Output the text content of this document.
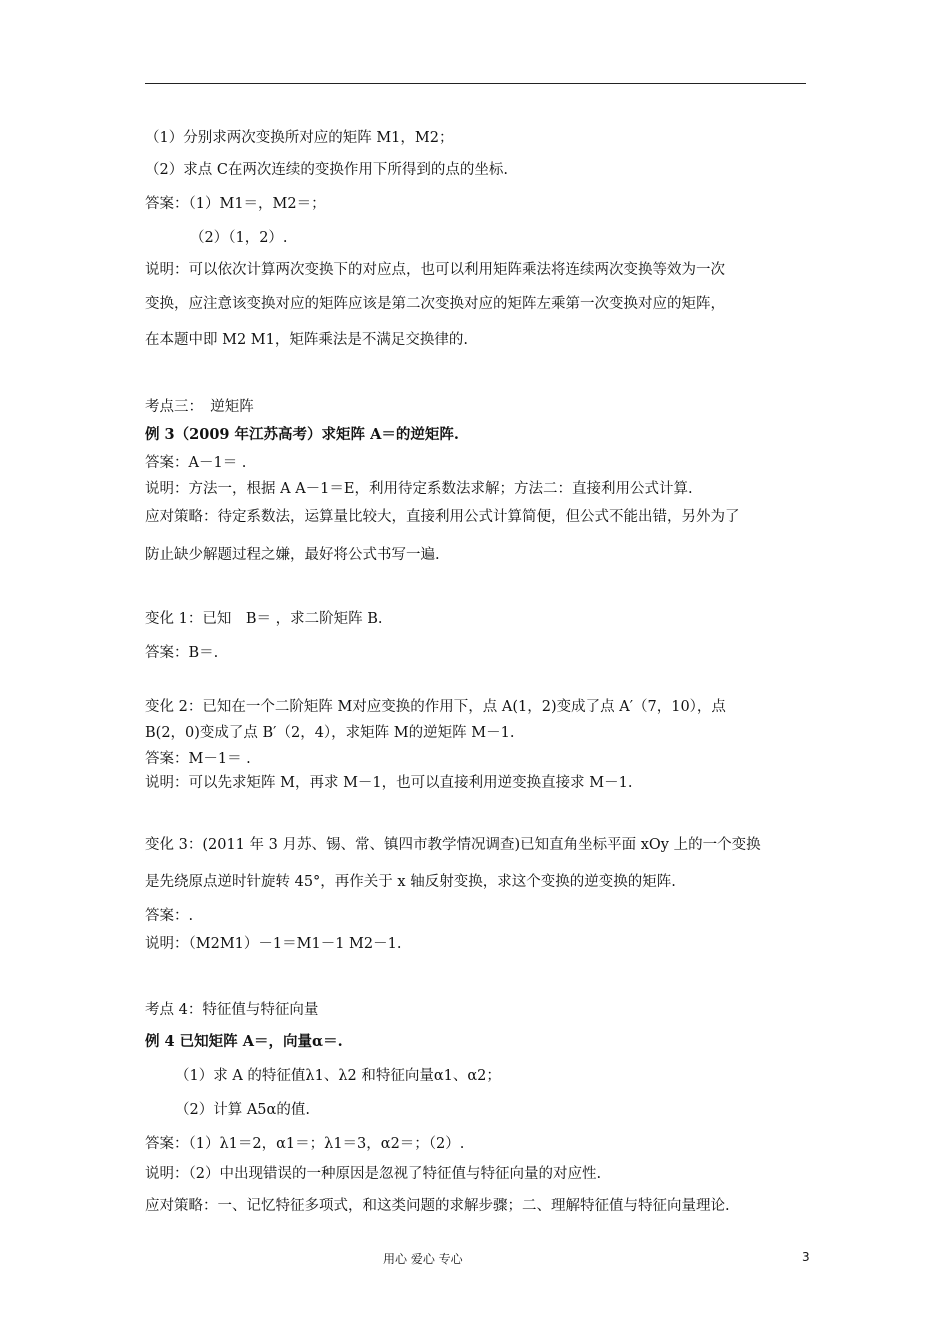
（1）分别求两次变换所对应的矩阵 M1，M2；
（2）求点 C在两次连续的变换作用下所得到的点的坐标.
答案：（1）M1＝，M2＝；
（2）（1，2）.
说明：可以依次计算两次变换下的对应点，也可以利用矩阵乘法将连续两次变换等效为一次
变换，应注意该变换对应的矩阵应该是第二次变换对应的矩阵左乘第一次变换对应的矩阵，
在本题中即 M2 M1，矩阵乘法是不满足交换律的.
考点三：　逆矩阵
例 3（2009 年江苏高考）求矩阵 A＝的逆矩阵.
答案：A－1＝ .
说明：方法一，根据 A A－1＝E，利用待定系数法求解；方法二：直接利用公式计算.
应对策略：待定系数法，运算量比较大，直接利用公式计算简便，但公式不能出错，另外为了
防止缺少解题过程之嫌，最好将公式书写一遍.
变化 1：已知　B＝ ，求二阶矩阵 B.
答案：B＝.
变化 2：已知在一个二阶矩阵 M对应变换的作用下，点 A(1，2)变成了点 A′（7，10），点
B(2，0)变成了点 B′（2，4），求矩阵 M的逆矩阵 M－1.
答案：M－1＝ .
说明：可以先求矩阵 M，再求 M－1，也可以直接利用逆变换直接求 M－1.
变化 3：(2011 年 3 月苏、锡、常、镇四市教学情况调查)已知直角坐标平面 xOy 上的一个变换
是先绕原点逆时针旋转 45°，再作关于 x 轴反射变换，求这个变换的逆变换的矩阵.
答案：.
说明：（M2M1）－1＝M1－1 M2－1.
考点 4：特征值与特征向量
例 4 已知矩阵 A＝，向量α＝.
（1）求 A 的特征值λ1、λ2 和特征向量α1、α2；
（2）计算 A5α的值.
答案：（1）λ1＝2，α1＝；λ1＝3，α2＝；（2）.
说明：（2）中出现错误的一种原因是忽视了特征值与特征向量的对应性.
应对策略：一、记忆特征多项式，和这类问题的求解步骤；二、理解特征值与特征向量理论.
用心 爱心 专心	3
